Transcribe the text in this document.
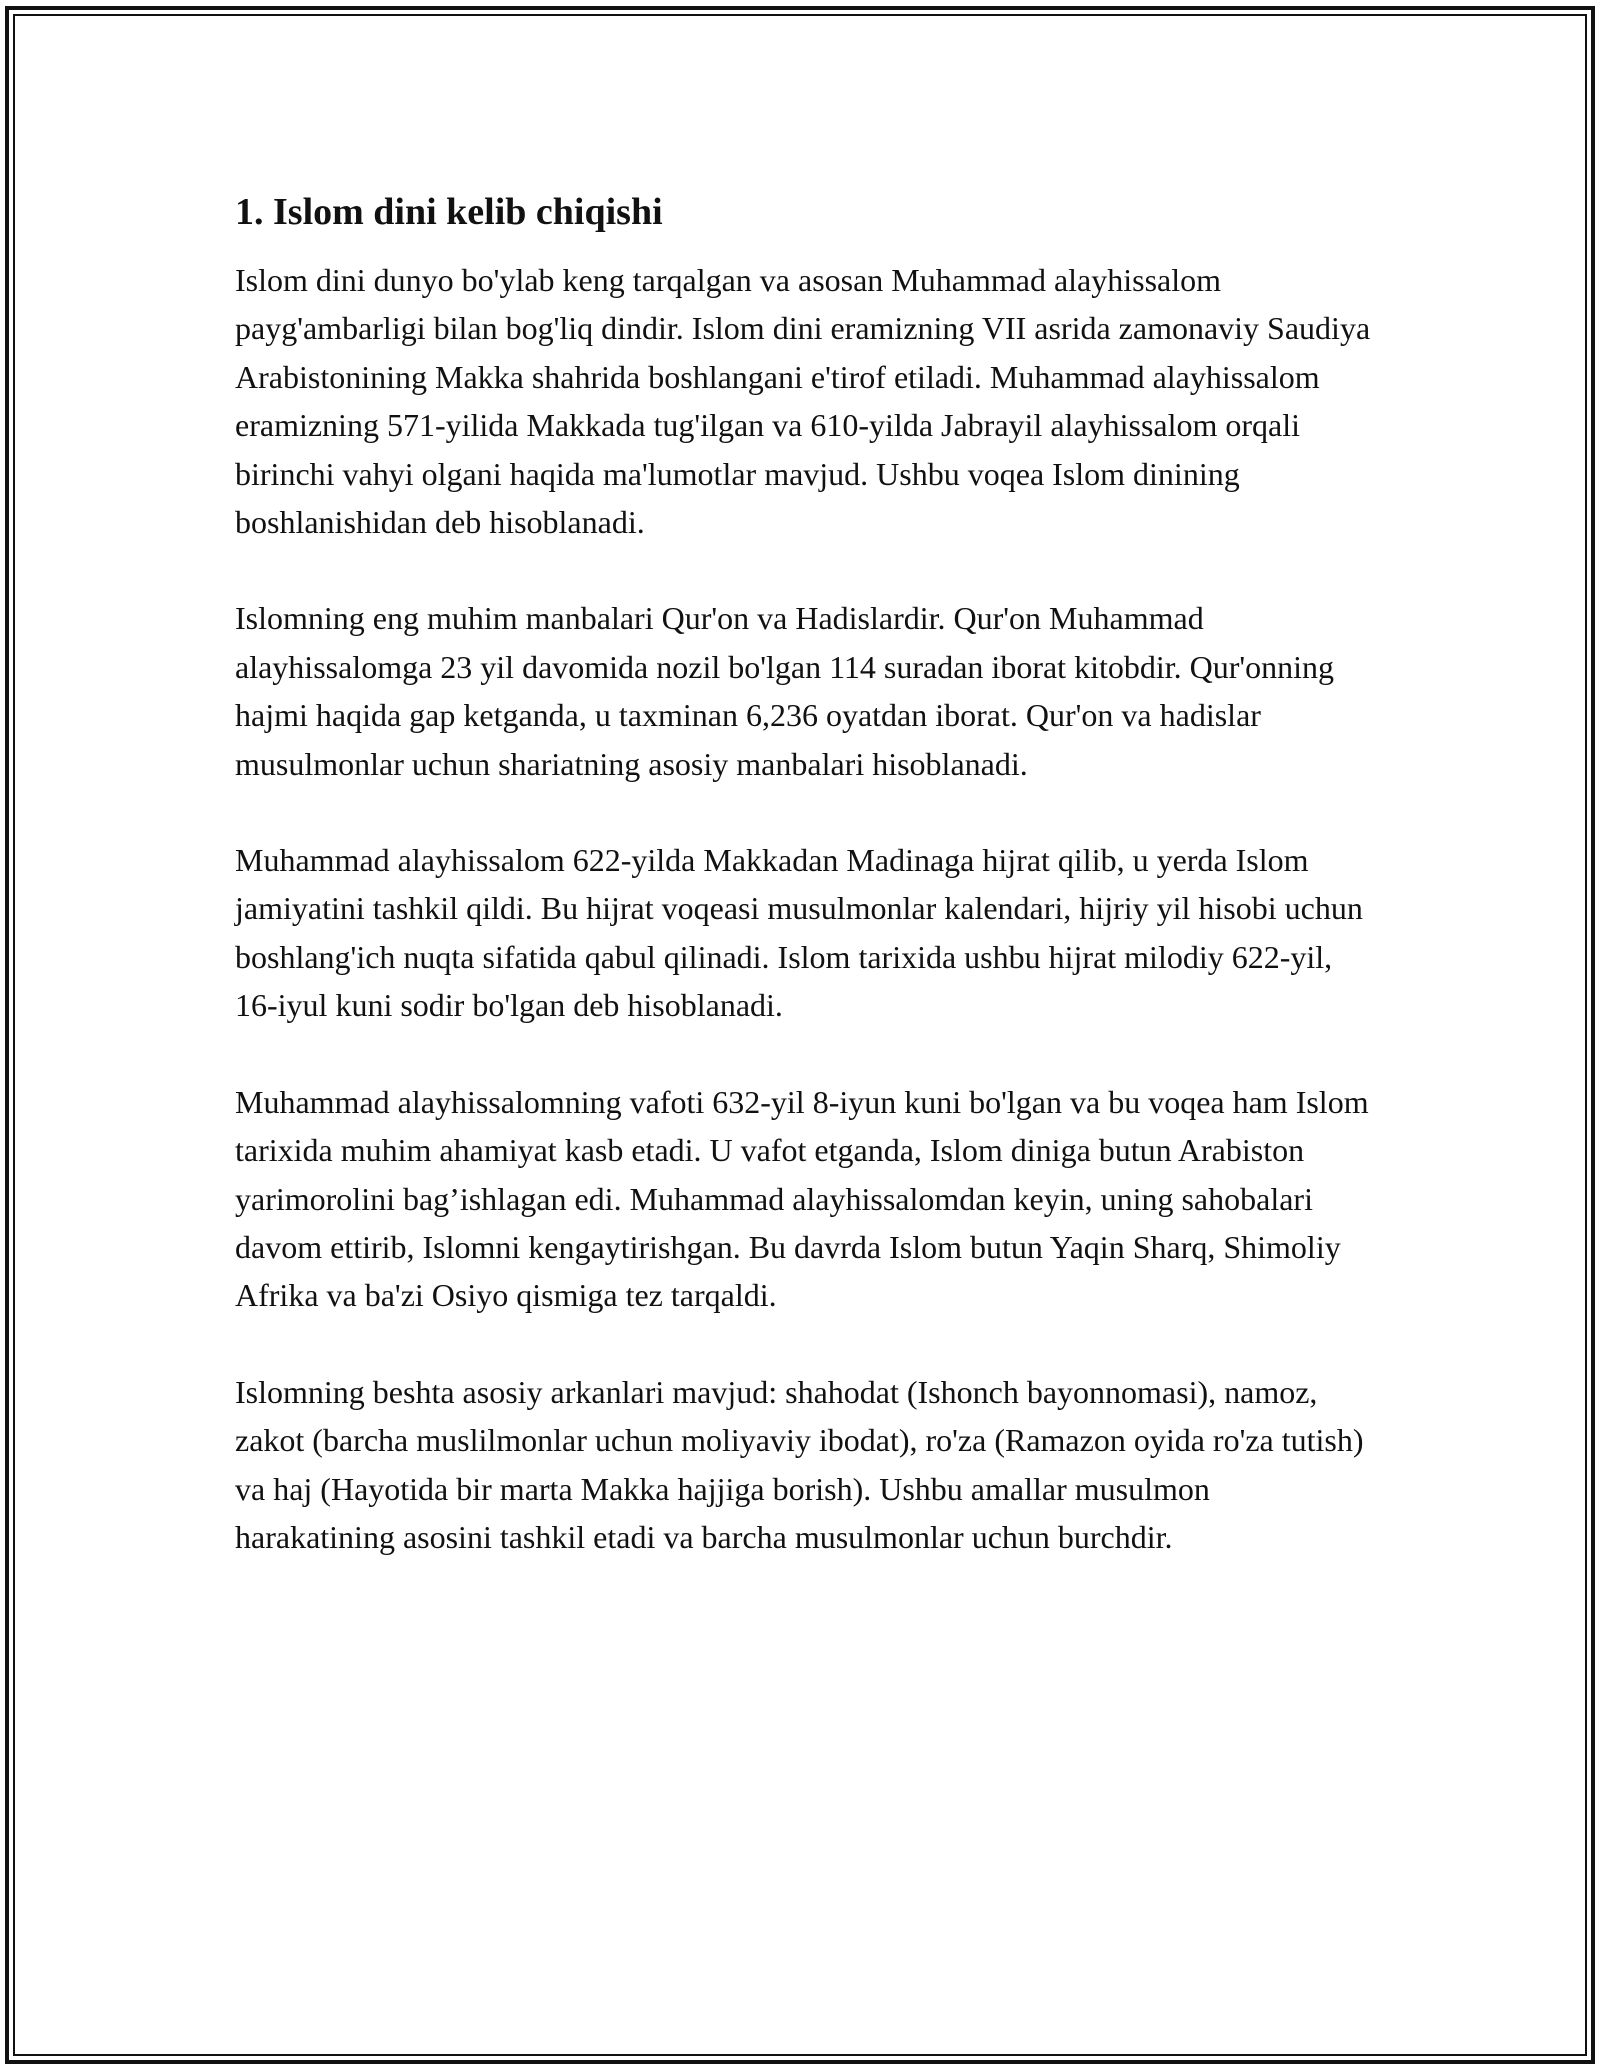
1. Islom dini kelib chiqishi

Islom dini dunyo bo'ylab keng tarqalgan va asosan Muhammad alayhissalom payg'ambarligi bilan bog'liq dindir. Islom dini eramizning VII asrida zamonaviy Saudiya Arabistonining Makka shahrida boshlangani e'tirof etiladi. Muhammad alayhissalom eramizning 571-yilida Makkada tug'ilgan va 610-yilda Jabrayil alayhissalom orqali birinchi vahyi olgani haqida ma'lumotlar mavjud. Ushbu voqea Islom dinining boshlanishidan deb hisoblanadi.

Islomning eng muhim manbalari Qur'on va Hadislardir. Qur'on Muhammad alayhissalomga 23 yil davomida nozil bo'lgan 114 suradan iborat kitobdir. Qur'onning hajmi haqida gap ketganda, u taxminan 6,236 oyatdan iborat. Qur'on va hadislar musulmonlar uchun shariatning asosiy manbalari hisoblanadi.

Muhammad alayhissalom 622-yilda Makkadan Madinaga hijrat qilib, u yerda Islom jamiyatini tashkil qildi. Bu hijrat voqeasi musulmonlar kalendari, hijriy yil hisobi uchun boshlang'ich nuqta sifatida qabul qilinadi. Islom tarixida ushbu hijrat milodiy 622-yil, 16-iyul kuni sodir bo'lgan deb hisoblanadi.

Muhammad alayhissalomning vafoti 632-yil 8-iyun kuni bo'lgan va bu voqea ham Islom tarixida muhim ahamiyat kasb etadi. U vafot etganda, Islom diniga butun Arabiston yarimorolini bag’ishlagan edi. Muhammad alayhissalomdan keyin, uning sahobalari davom ettirib, Islomni kengaytirishgan. Bu davrda Islom butun Yaqin Sharq, Shimoliy Afrika va ba'zi Osiyo qismiga tez tarqaldi.

Islomning beshta asosiy arkanlari mavjud: shahodat (Ishonch bayonnomasi), namoz, zakot (barcha muslilmonlar uchun moliyaviy ibodat), ro'za (Ramazon oyida ro'za tutish) va haj (Hayotida bir marta Makka hajjiga borish). Ushbu amallar musulmon harakatining asosini tashkil etadi va barcha musulmonlar uchun burchdir.
